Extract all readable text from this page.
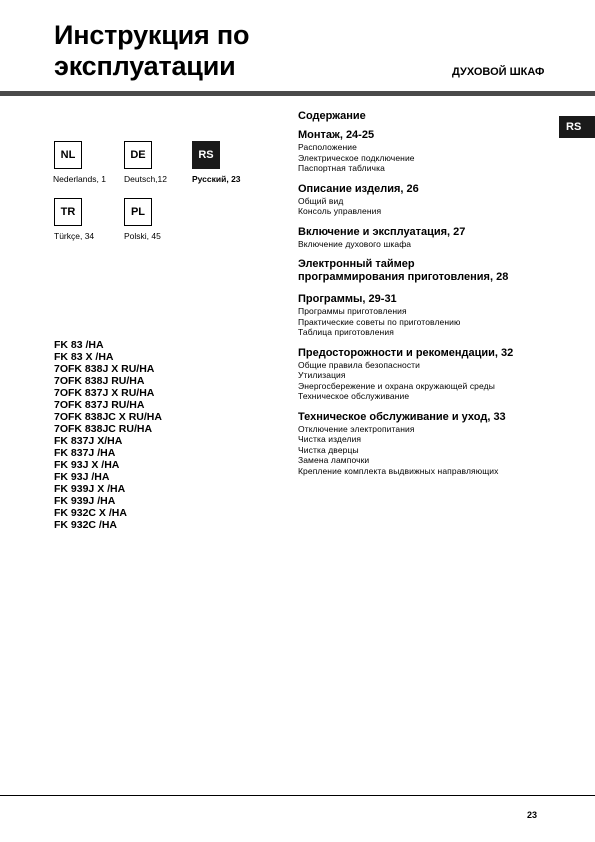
Инструкция по
эксплуатации	ДУХОВОЙ ШКАФ
RS
NL
Nederlands, 1
DE
Deutsch,12
RS
Русский, 23
TR
Türkçe, 34
PL
Polski, 45
FK 83 /HA
FK 83 X /HA
7OFK 838J X RU/HA
7OFK 838J RU/HA
7OFK 837J X RU/HA
7OFK 837J RU/HA
7OFK 838JC X RU/HA
7OFK 838JC RU/HA
FK 837J X/HA
FK 837J /HA
FK 93J X /HA
FK 93J /HA
FK 939J X /HA
FK 939J /HA
FK 932C X /HA
FK 932C /HA
Содержание
Монтаж, 24-25
Расположение
Электрическое подключение
Паспортная табличка
Описание изделия, 26
Общий вид
Консоль управления
Включение и эксплуатация, 27
Включение духового шкафа
Электронный таймер
программирования приготовления, 28
Программы, 29-31
Программы приготовления
Практические советы по приготовлению
Таблица приготовления
Предосторожности и рекомендации, 32
Общие правила безопасности
Утилизация
Энергосбережение и охрана окружающей среды
Техническое обслуживание
Техническое обслуживание и уход, 33
Отключение электропитания
Чистка изделия
Чистка дверцы
Замена лампочки
Крепление комплекта выдвижных направляющих
23
